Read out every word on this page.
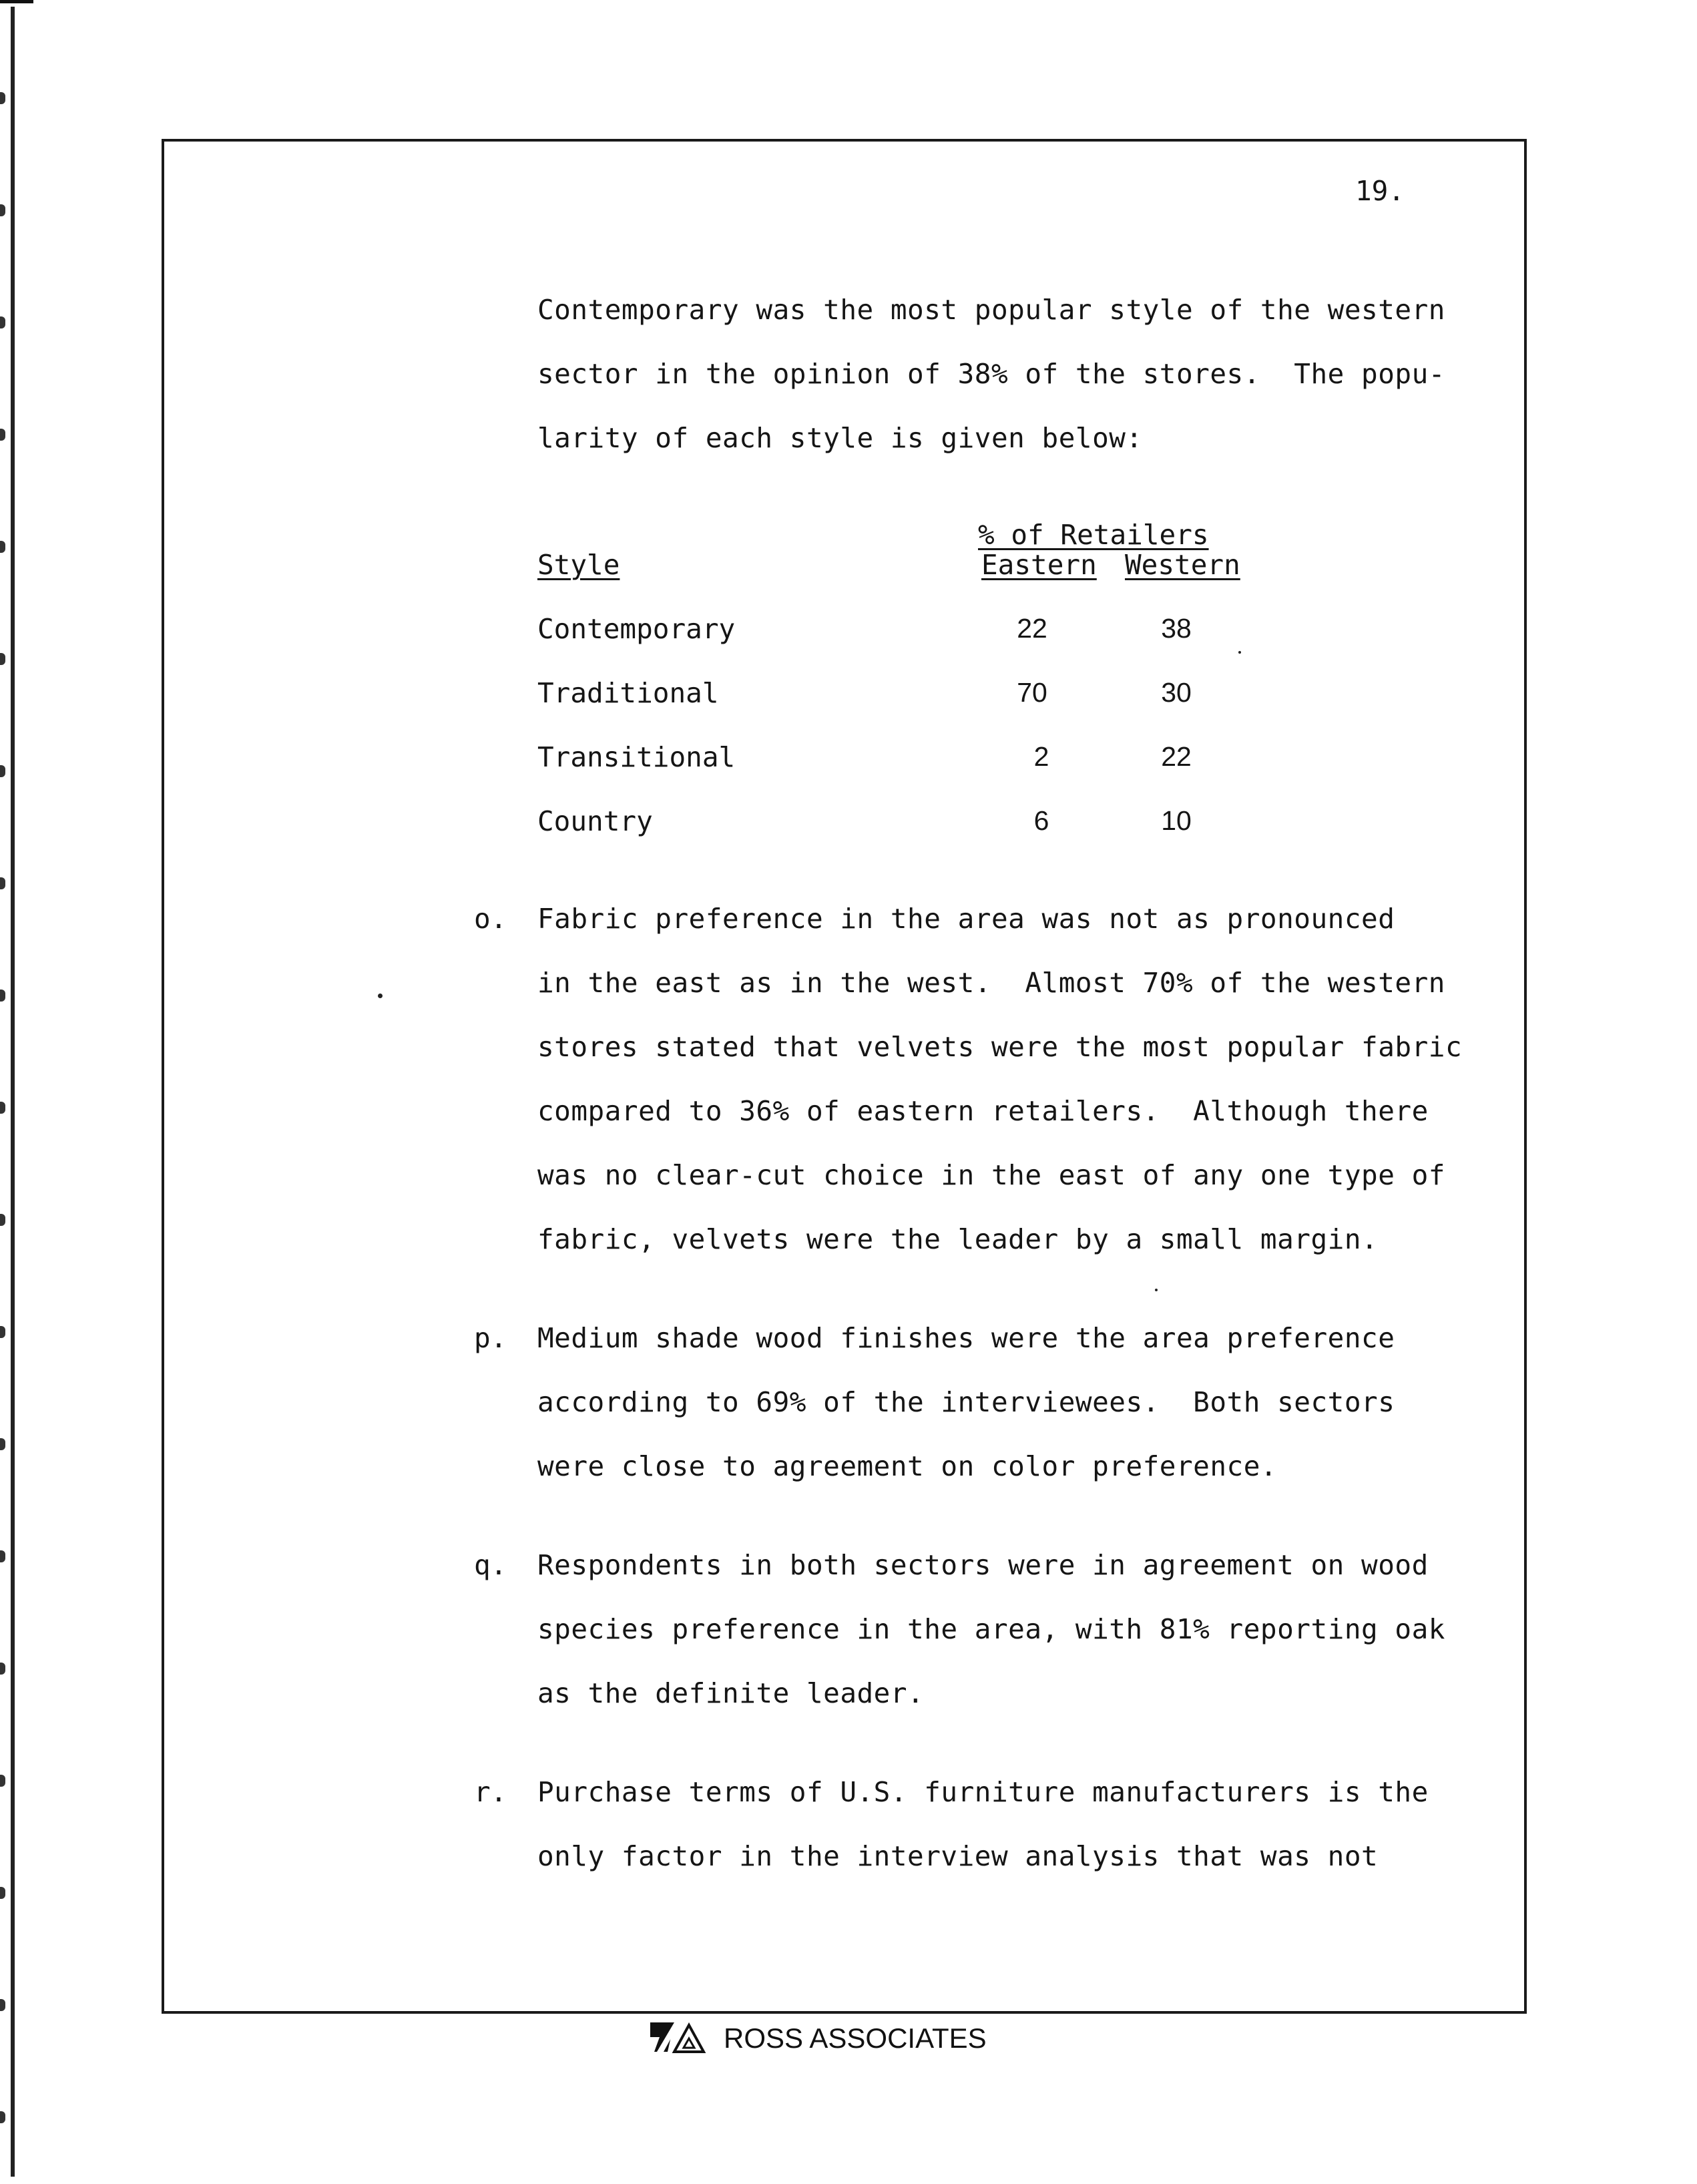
19.
Contemporary was the most popular style of the western
sector in the opinion of 38% of the stores.  The popu-
larity of each style is given below:
% of Retailers
Style	Eastern Western
Contemporary	22	38
Traditional	70	30
Transitional	2	22
Country	6	10
o. Fabric preference in the area was not as pronounced
in the east as in the west.  Almost 70% of the western
stores stated that velvets were the most popular fabric
compared to 36% of eastern retailers.  Although there
was no clear-cut choice in the east of any one type of
fabric, velvets were the leader by a small margin.
p. Medium shade wood finishes were the area preference
according to 69% of the interviewees.  Both sectors
were close to agreement on color preference.
q. Respondents in both sectors were in agreement on wood
species preference in the area, with 81% reporting oak
as the definite leader.
r. Purchase terms of U.S. furniture manufacturers is the
only factor in the interview analysis that was not
ROSS ASSOCIATES
